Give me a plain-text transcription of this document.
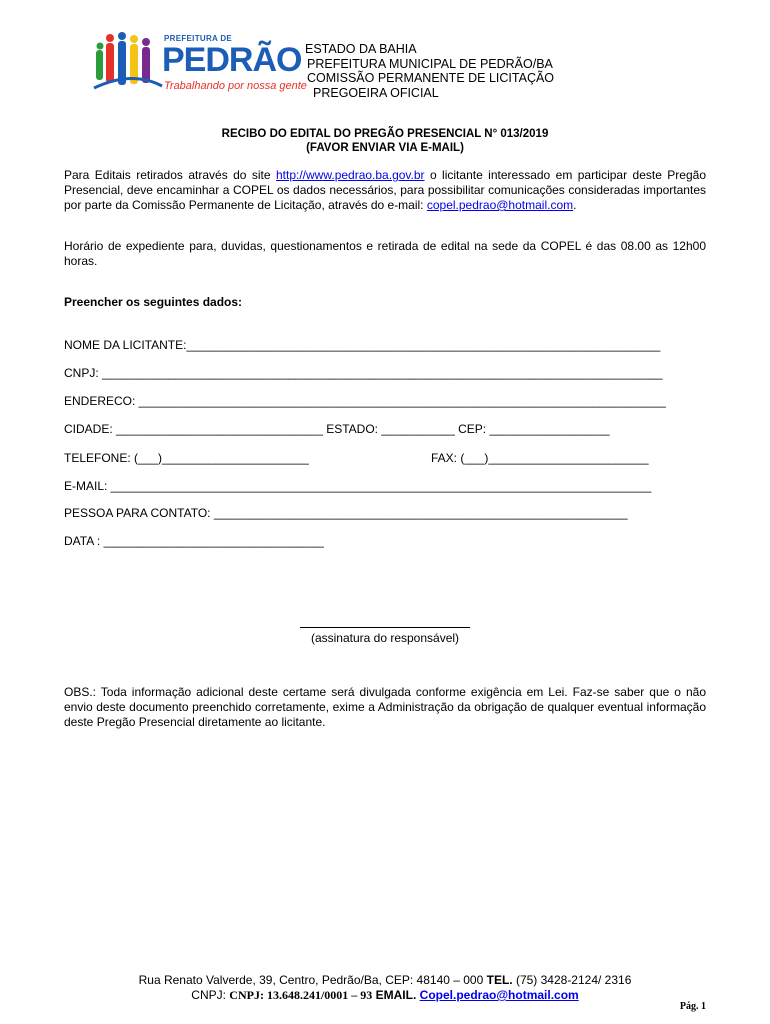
PREFEITURA DE
PEDRÃO
Trabalhando por nossa gente
ESTADO DA BAHIA
PREFEITURA MUNICIPAL DE PEDRÃO/BA
COMISSÃO PERMANENTE DE LICITAÇÃO
PREGOEIRA OFICIAL
RECIBO DO EDITAL DO PREGÃO PRESENCIAL N° 013/2019
(FAVOR ENVIAR VIA E-MAIL)
Para Editais retirados através do site http://www.pedrao.ba.gov.br o licitante interessado em participar deste Pregão Presencial, deve encaminhar a COPEL os dados necessários, para possibilitar comunicações consideradas importantes por parte da Comissão Permanente de Licitação, através do e-mail: copel.pedrao@hotmail.com.
Horário de expediente para, duvidas, questionamentos e retirada de edital na sede da COPEL é das 08.00 as 12h00 horas.
Preencher os seguintes dados:
NOME DA LICITANTE:_______________________________________________________________________
CNPJ: ____________________________________________________________________________________
ENDERECO: _______________________________________________________________________________
CIDADE: _______________________________ ESTADO: ___________ CEP: __________________
TELEFONE: (___)______________________	FAX: (___)________________________
E-MAIL: _________________________________________________________________________________
PESSOA PARA CONTATO: ______________________________________________________________
DATA : _________________________________
(assinatura do responsável)
OBS.: Toda informação adicional deste certame será divulgada conforme exigência em Lei. Faz-se saber que o não envio deste documento preenchido corretamente, exime a Administração da obrigação de qualquer eventual informação deste Pregão Presencial diretamente ao licitante.
Rua Renato Valverde, 39, Centro, Pedrão/Ba, CEP: 48140 – 000 TEL. (75) 3428-2124/ 2316
CNPJ: CNPJ: 13.648.241/0001 – 93 EMAIL. Copel.pedrao@hotmail.com
Pág. 1
